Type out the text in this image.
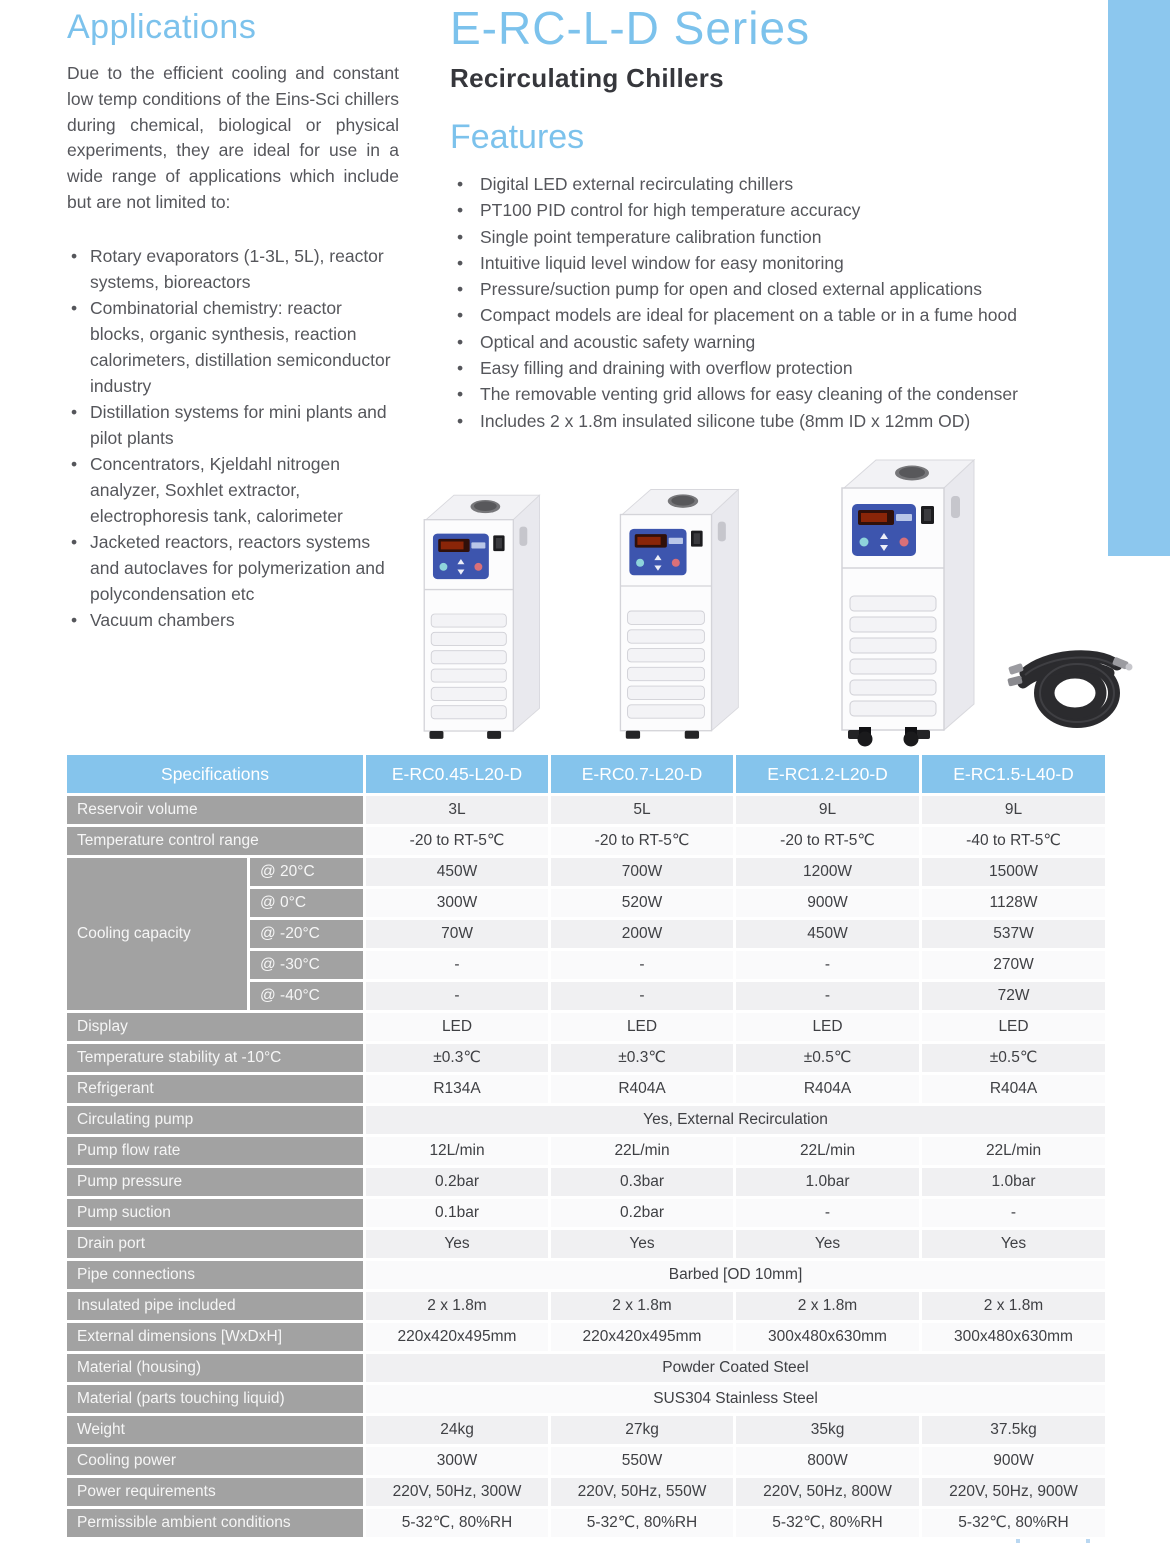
Applications

Due to the efficient cooling and constant low temp conditions of the Eins-Sci chillers during chemical, biological or physical experiments, they are ideal for use in a wide range of applications which include but are not limited to:

• Rotary evaporators (1-3L, 5L), reactor systems, bioreactors
• Combinatorial chemistry: reactor blocks, organic synthesis, reaction calorimeters, distillation semiconductor industry
• Distillation systems for mini plants and pilot plants
• Concentrators, Kjeldahl nitrogen analyzer, Soxhlet extractor, electrophoresis tank, calorimeter
• Jacketed reactors, reactors systems and autoclaves for polymerization and polycondensation etc
• Vacuum chambers
E-RC-L-D Series
Recirculating Chillers
Features
• Digital LED external recirculating chillers
• PT100 PID control for high temperature accuracy
• Single point temperature calibration function
• Intuitive liquid level window for easy monitoring
• Pressure/suction pump for open and closed external applications
• Compact models are ideal for placement on a table or in a fume hood
• Optical and acoustic safety warning
• Easy filling and draining with overflow protection
• The removable venting grid allows for easy cleaning of the condenser
• Includes 2 x 1.8m insulated silicone tube (8mm ID x 12mm OD)
Specifications		E-RC0.45-L20-D	E-RC0.7-L20-D	E-RC1.2-L20-D	E-RC1.5-L40-D
Reservoir volume		3L	5L	9L	9L
Temperature control range		-20 to RT-5℃	-20 to RT-5℃	-20 to RT-5℃	-40 to RT-5℃
Cooling capacity	@ 20°C	450W	700W	1200W	1500W
	@ 0°C	300W	520W	900W	1128W
	@ -20°C	70W	200W	450W	537W
	@ -30°C	-	-	-	270W
	@ -40°C	-	-	-	72W
Display		LED	LED	LED	LED
Temperature stability at -10°C		±0.3℃	±0.3℃	±0.5℃	±0.5℃
Refrigerant		R134A	R404A	R404A	R404A
Circulating pump		Yes, External Recirculation			
Pump flow rate		12L/min	22L/min	22L/min	22L/min
Pump pressure		0.2bar	0.3bar	1.0bar	1.0bar
Pump suction		0.1bar	0.2bar	-	-
Drain port		Yes	Yes	Yes	Yes
Pipe connections		Barbed [OD 10mm]			
Insulated pipe included		2 x 1.8m	2 x 1.8m	2 x 1.8m	2 x 1.8m
External dimensions [WxDxH]		220x420x495mm	220x420x495mm	300x480x630mm	300x480x630mm
Material (housing)		Powder Coated Steel			
Material (parts touching liquid)		SUS304 Stainless Steel			
Weight		24kg	27kg	35kg	37.5kg
Cooling power		300W	550W	800W	900W
Power requirements		220V, 50Hz, 300W	220V, 50Hz, 550W	220V, 50Hz, 800W	220V, 50Hz, 900W
Permissible ambient conditions		5-32℃, 80%RH	5-32℃, 80%RH	5-32℃, 80%RH	5-32℃, 80%RH
